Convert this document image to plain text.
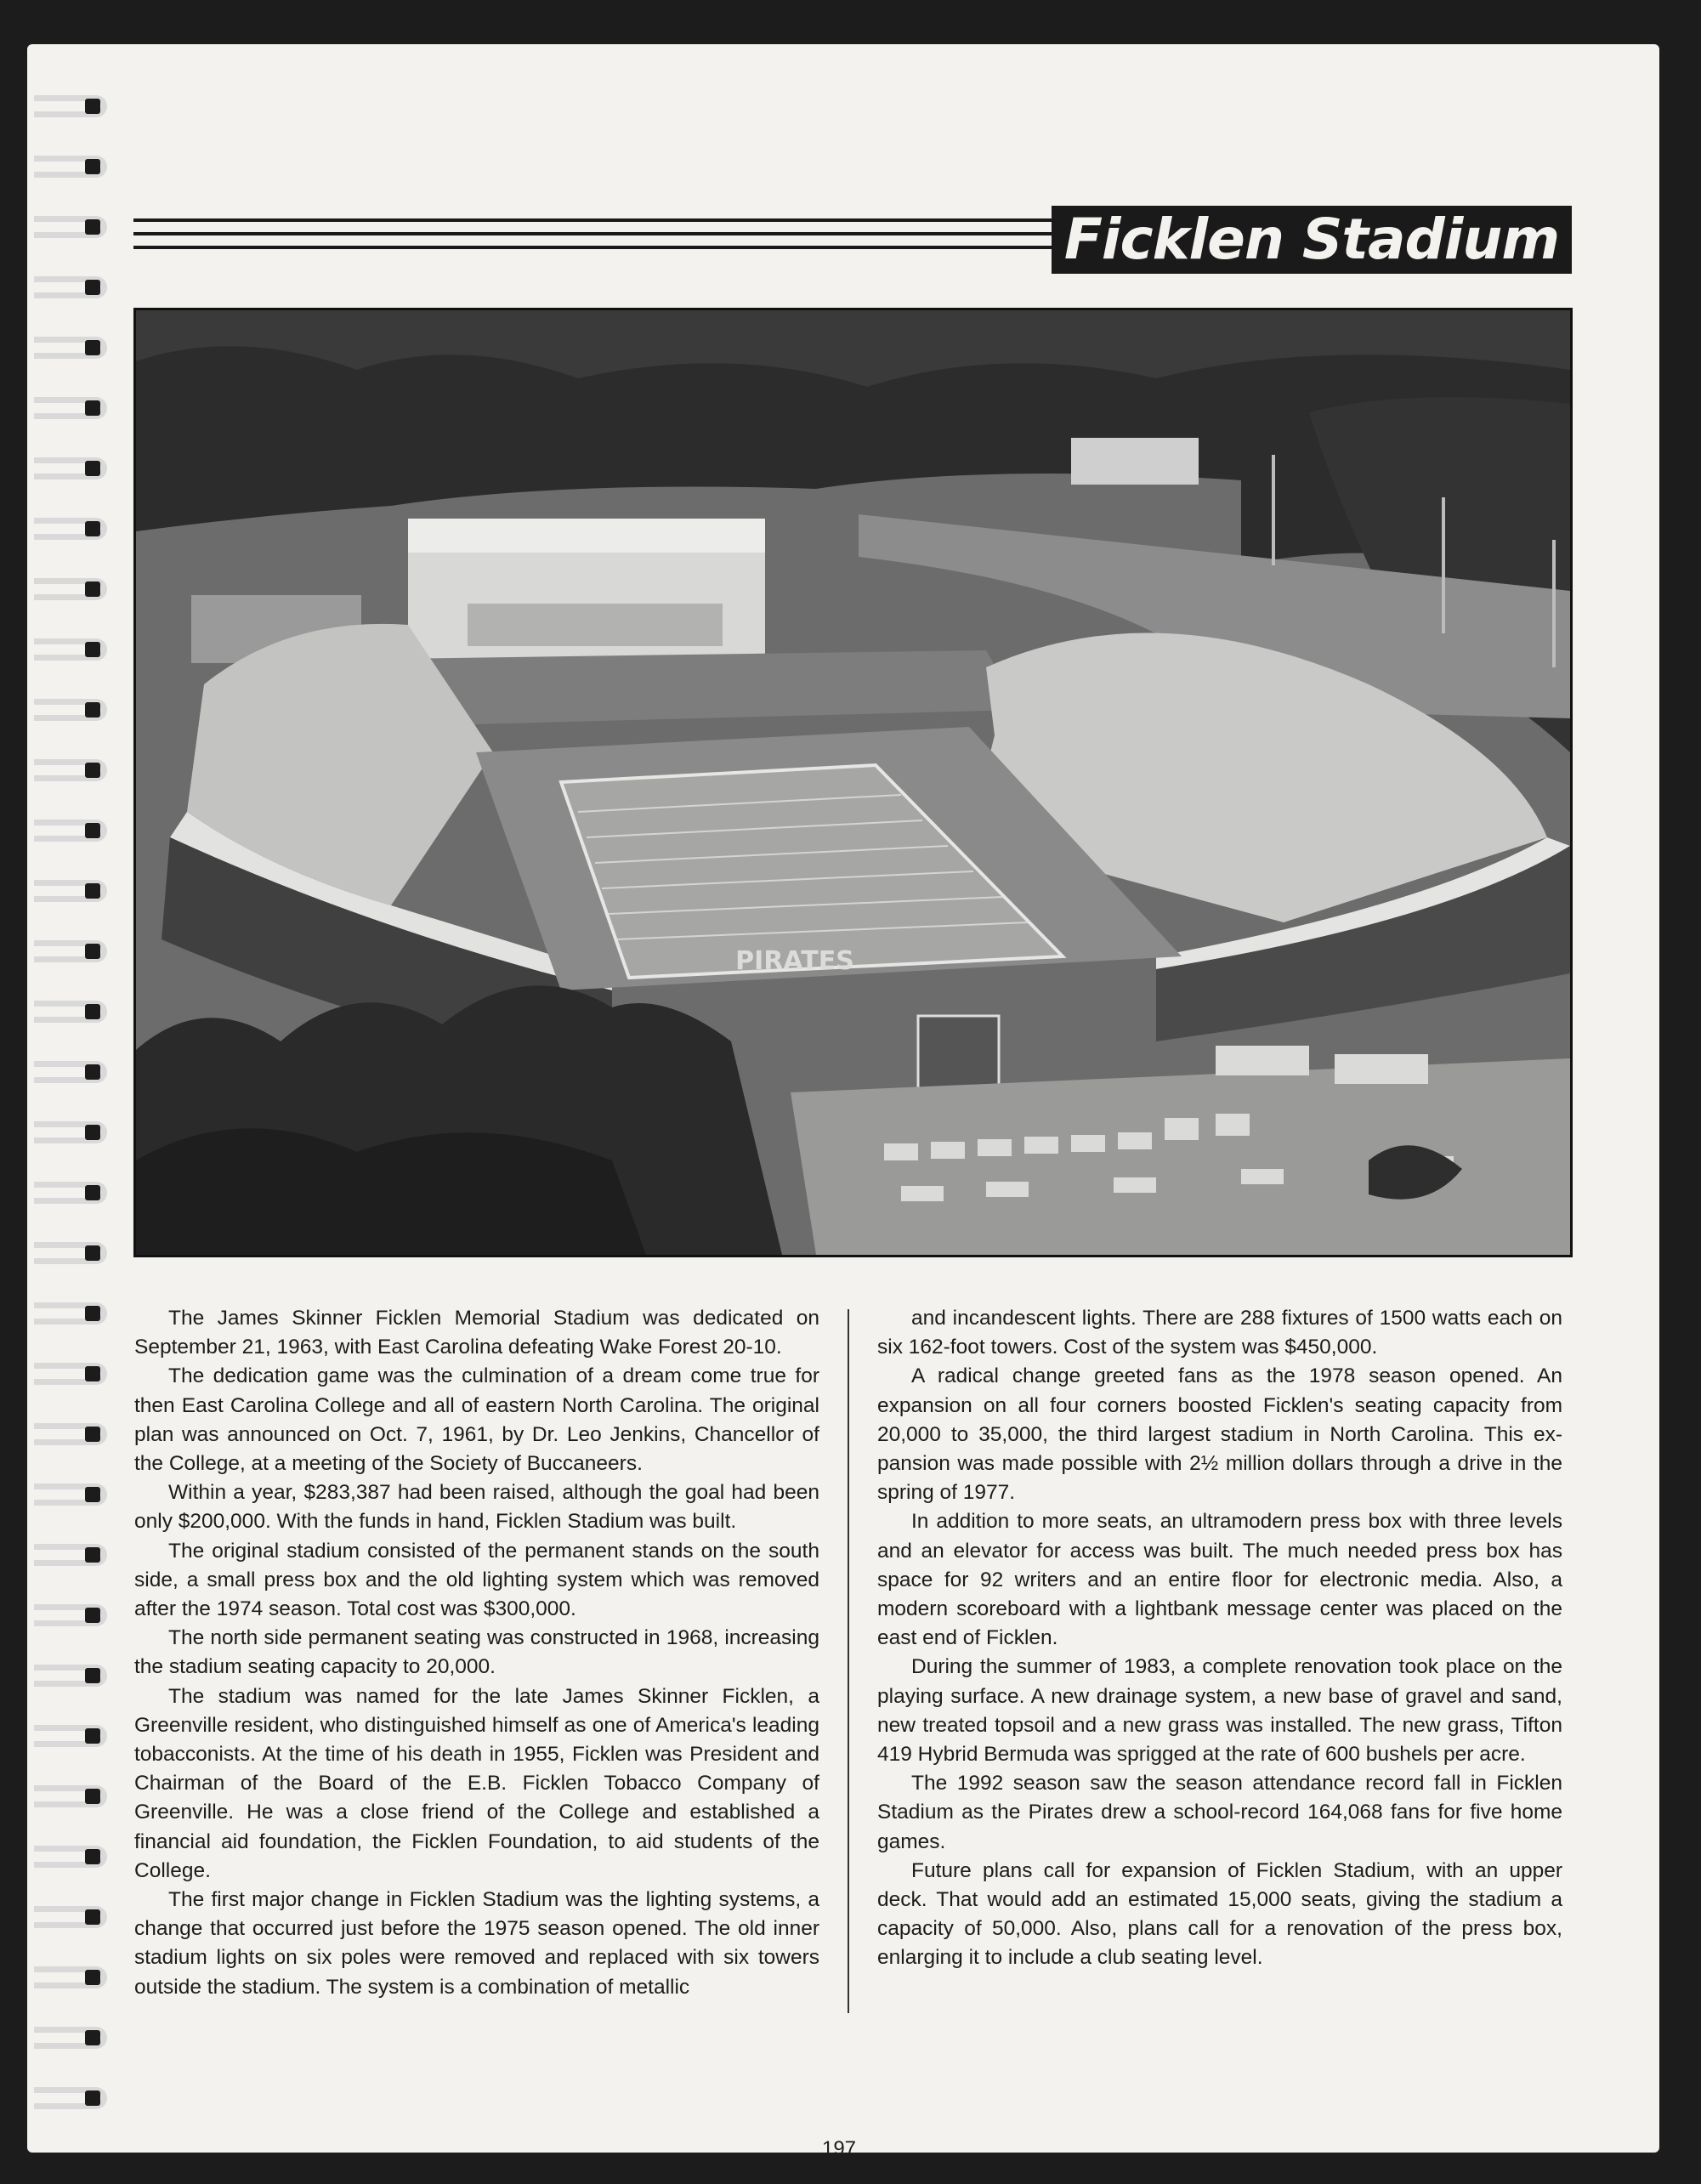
Ficklen Stadium
PIRATES

The James Skinner Ficklen Memorial Stadium was dedicated on September 21, 1963, with East Carolina defeating Wake Forest 20-10.

The dedication game was the culmination of a dream come true for then East Carolina College and all of eastern North Carolina. The original plan was announced on Oct. 7, 1961, by Dr. Leo Jenkins, Chancellor of the College, at a meeting of the Society of Buccaneers.

Within a year, $283,387 had been raised, although the goal had been only $200,000. With the funds in hand, Ficklen Stadium was built.

The original stadium consisted of the permanent stands on the south side, a small press box and the old lighting system which was removed after the 1974 season. Total cost was $300,000.

The north side permanent seating was constructed in 1968, increasing the stadium seating capacity to 20,000.

The stadium was named for the late James Skinner Ficklen, a Greenville resident, who distinguished himself as one of America's leading tobacconists. At the time of his death in 1955, Ficklen was President and Chairman of the Board of the E.B. Ficklen Tobacco Company of Greenville. He was a close friend of the College and established a financial aid foundation, the Ficklen Foundation, to aid students of the College.

The first major change in Ficklen Stadium was the lighting systems, a change that occurred just before the 1975 season opened. The old inner stadium lights on six poles were removed and replaced with six towers outside the stadium. The system is a combination of metallic

and incandescent lights. There are 288 fixtures of 1500 watts each on six 162-foot towers. Cost of the system was $450,000.

A radical change greeted fans as the 1978 season opened. An expansion on all four corners boosted Ficklen's seating capacity from 20,000 to 35,000, the third largest stadium in North Carolina. This expansion was made possible with 2½ million dollars through a drive in the spring of 1977.

In addition to more seats, an ultramodern press box with three levels and an elevator for access was built. The much needed press box has space for 92 writers and an entire floor for electronic media. Also, a modern scoreboard with a lightbank message center was placed on the east end of Ficklen.

During the summer of 1983, a complete renovation took place on the playing surface. A new drainage system, a new base of gravel and sand, new treated topsoil and a new grass was installed. The new grass, Tifton 419 Hybrid Bermuda was sprigged at the rate of 600 bushels per acre.

The 1992 season saw the season attendance record fall in Ficklen Stadium as the Pirates drew a school-record 164,068 fans for five home games.

Future plans call for expansion of Ficklen Stadium, with an upper deck. That would add an estimated 15,000 seats, giving the stadium a capacity of 50,000. Also, plans call for a renovation of the press box, enlarging it to include a club seating level.

197
